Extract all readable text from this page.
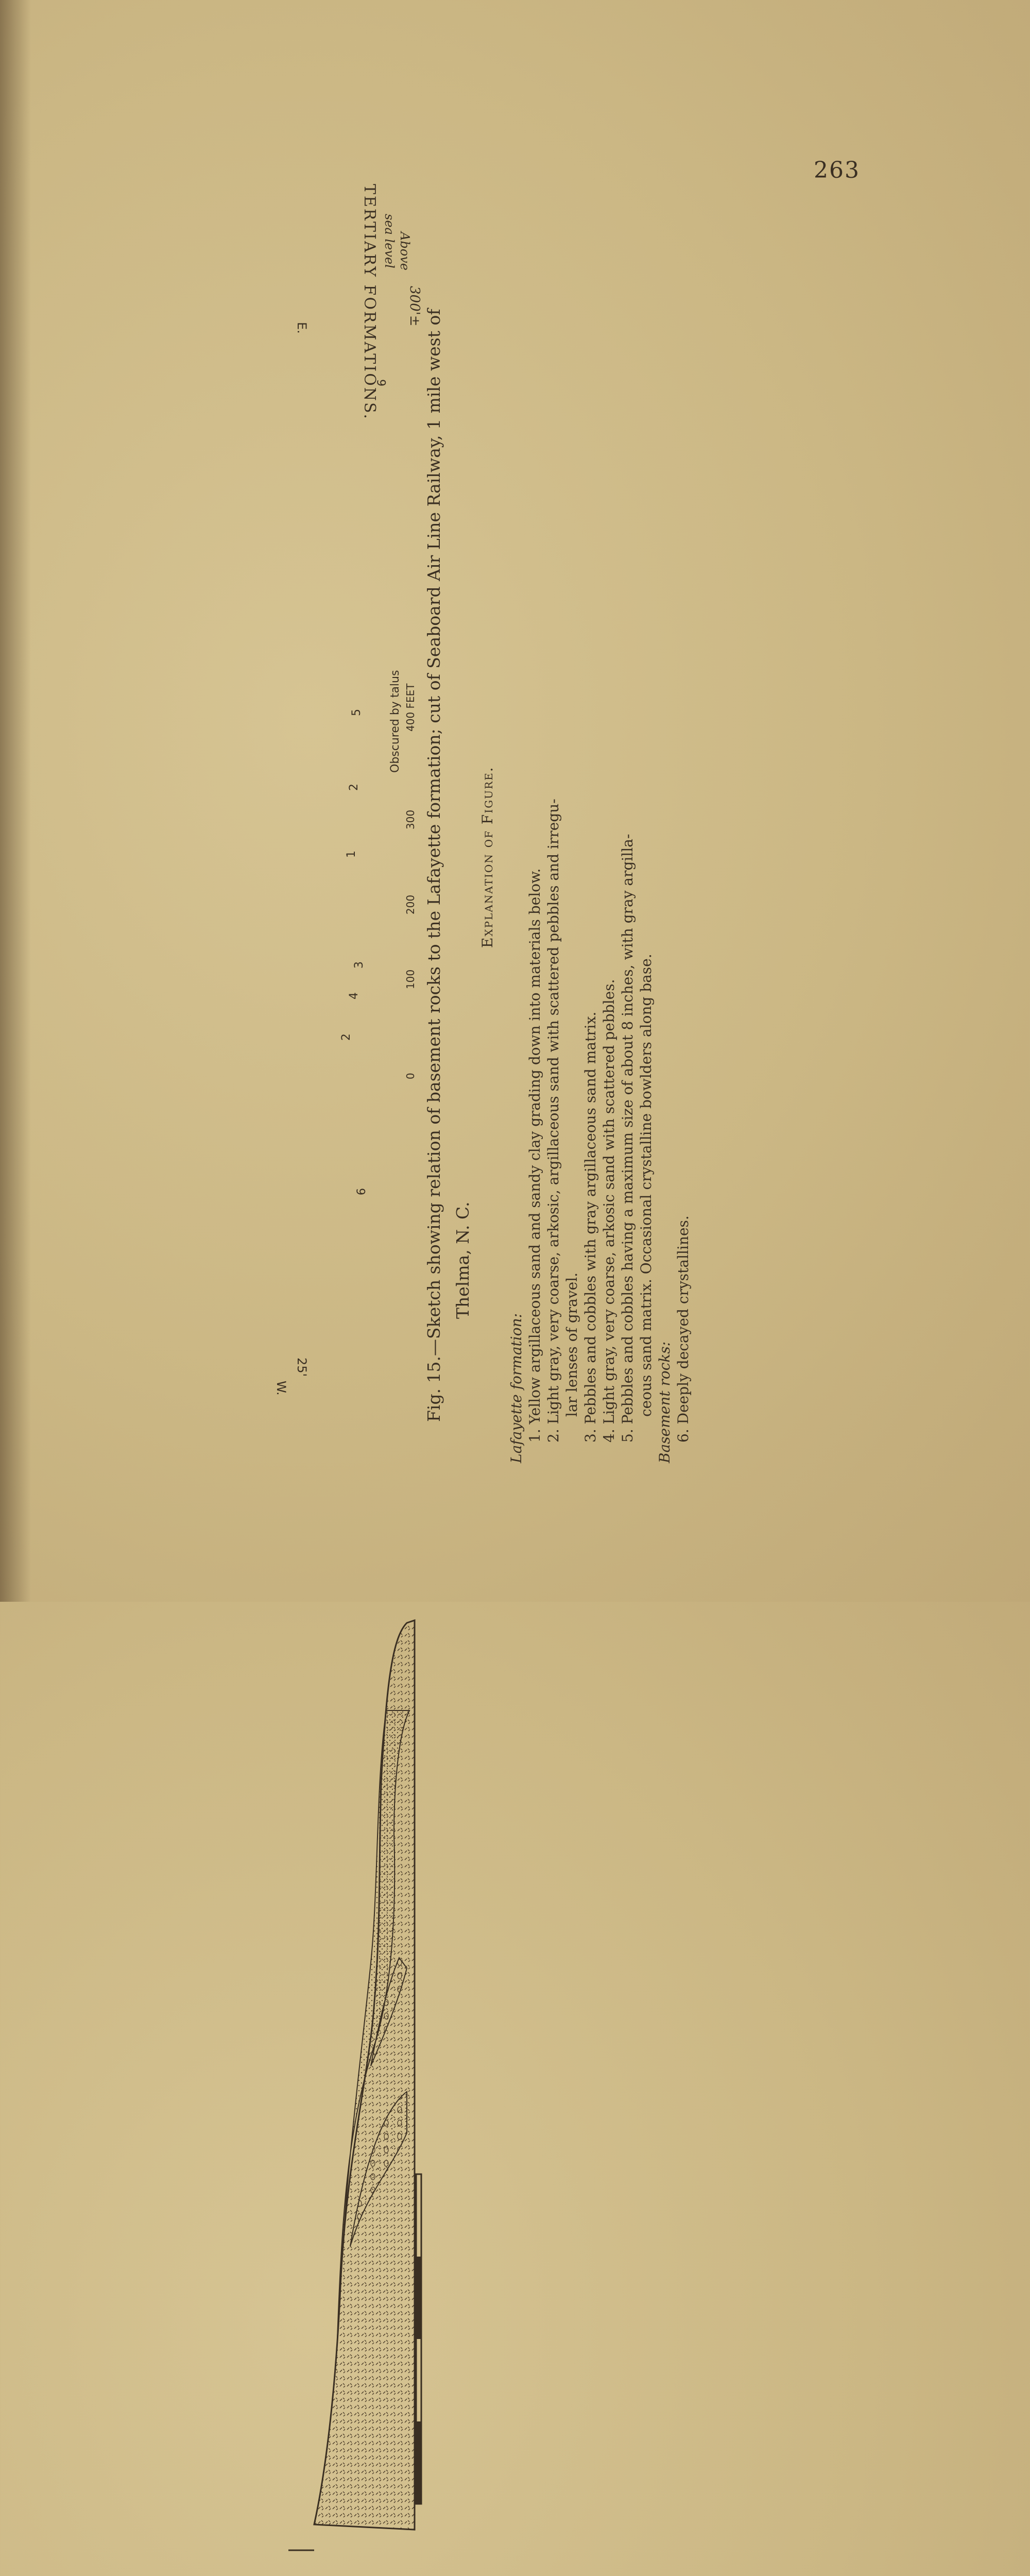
263
TERTIARY FORMATIONS.
W.
25'
E.
300'±
Above
sea level
Obscured by talus
0
100
200
300
400 FEET
6
2
4
3
1
2
5
6 Fig. 15.—Sketch showing relation of basement rocks to the Lafayette formation; cut of Seaboard Air Line Railway, 1 mile west of Thelma, N. C.
Explanation of Figure.
Lafayette formation: 1. Yellow argillaceous sand and sandy clay grading down into materials below. 2. Light gray, very coarse, arkosic, argillaceous sand with scattered pebbles and irregu- lar lenses of gravel. 3. Pebbles and cobbles with gray argillaceous sand matrix. 4. Light gray, very coarse, arkosic sand with scattered pebbles. 5. Pebbles and cobbles having a maximum size of about 8 inches, with gray argilla- ceous sand matrix. Occasional crystalline bowlders along base. Basement rocks: 6. Deeply decayed crystallines.
